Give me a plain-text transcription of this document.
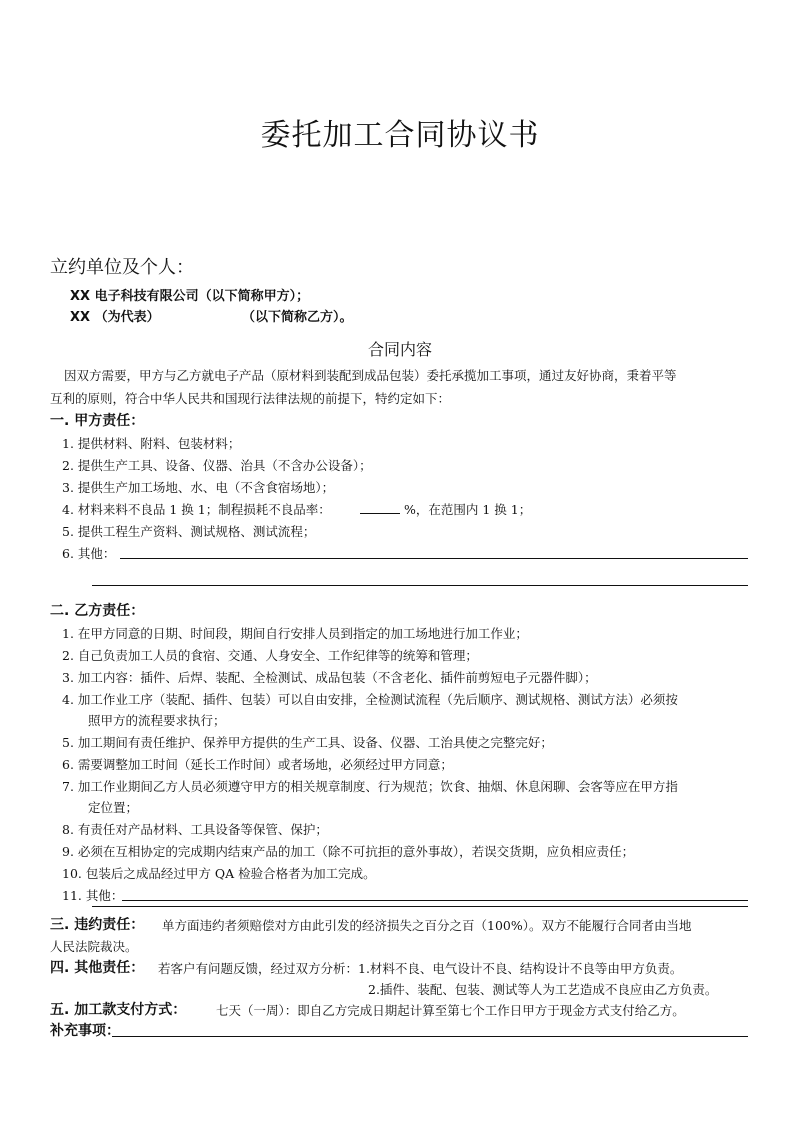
委托加工合同协议书
立约单位及个人：
XX 电子科技有限公司（以下简称甲方）；
XX （为代表）	（以下简称乙方）。
合同内容
因双方需要，甲方与乙方就电子产品（原材料到装配到成品包装）委托承揽加工事项，通过友好协商，秉着平等
互利的原则，符合中华人民共和国现行法律法规的前提下，特约定如下：
一. 甲方责任：
1. 提供材料、附料、包装材料；
2. 提供生产工具、设备、仪器、治具（不含办公设备）；
3. 提供生产加工场地、水、电（不含食宿场地）；
4. 材料来料不良品 1 换 1；制程损耗不良品率：	%，在范围内 1 换 1；
5. 提供工程生产资料、测试规格、测试流程；
6. 其他：
二. 乙方责任：
1. 在甲方同意的日期、时间段，期间自行安排人员到指定的加工场地进行加工作业；
2. 自己负责加工人员的食宿、交通、人身安全、工作纪律等的统筹和管理；
3. 加工内容：插件、后焊、装配、全检测试、成品包装（不含老化、插件前剪短电子元器件脚）；
4. 加工作业工序（装配、插件、包装）可以自由安排，全检测试流程（先后顺序、测试规格、测试方法）必须按
照甲方的流程要求执行；
5. 加工期间有责任维护、保养甲方提供的生产工具、设备、仪器、工治具使之完整完好；
6. 需要调整加工时间（延长工作时间）或者场地，必须经过甲方同意；
7. 加工作业期间乙方人员必须遵守甲方的相关规章制度、行为规范；饮食、抽烟、休息闲聊、会客等应在甲方指
定位置；
8. 有责任对产品材料、工具设备等保管、保护；
9. 必须在互相协定的完成期内结束产品的加工（除不可抗拒的意外事故），若误交货期，应负相应责任；
10. 包装后之成品经过甲方 QA 检验合格者为加工完成。
11. 其他：
三. 违约责任： 单方面违约者须赔偿对方由此引发的经济损失之百分之百（100%）。双方不能履行合同者由当地
人民法院裁决。
四. 其他责任： 若客户有问题反馈，经过双方分析：1.材料不良、电气设计不良、结构设计不良等由甲方负责。
2.插件、装配、包装、测试等人为工艺造成不良应由乙方负责。
五. 加工款支付方式： 七天（一周）：即自乙方完成日期起计算至第七个工作日甲方于现金方式支付给乙方。
补充事项：
